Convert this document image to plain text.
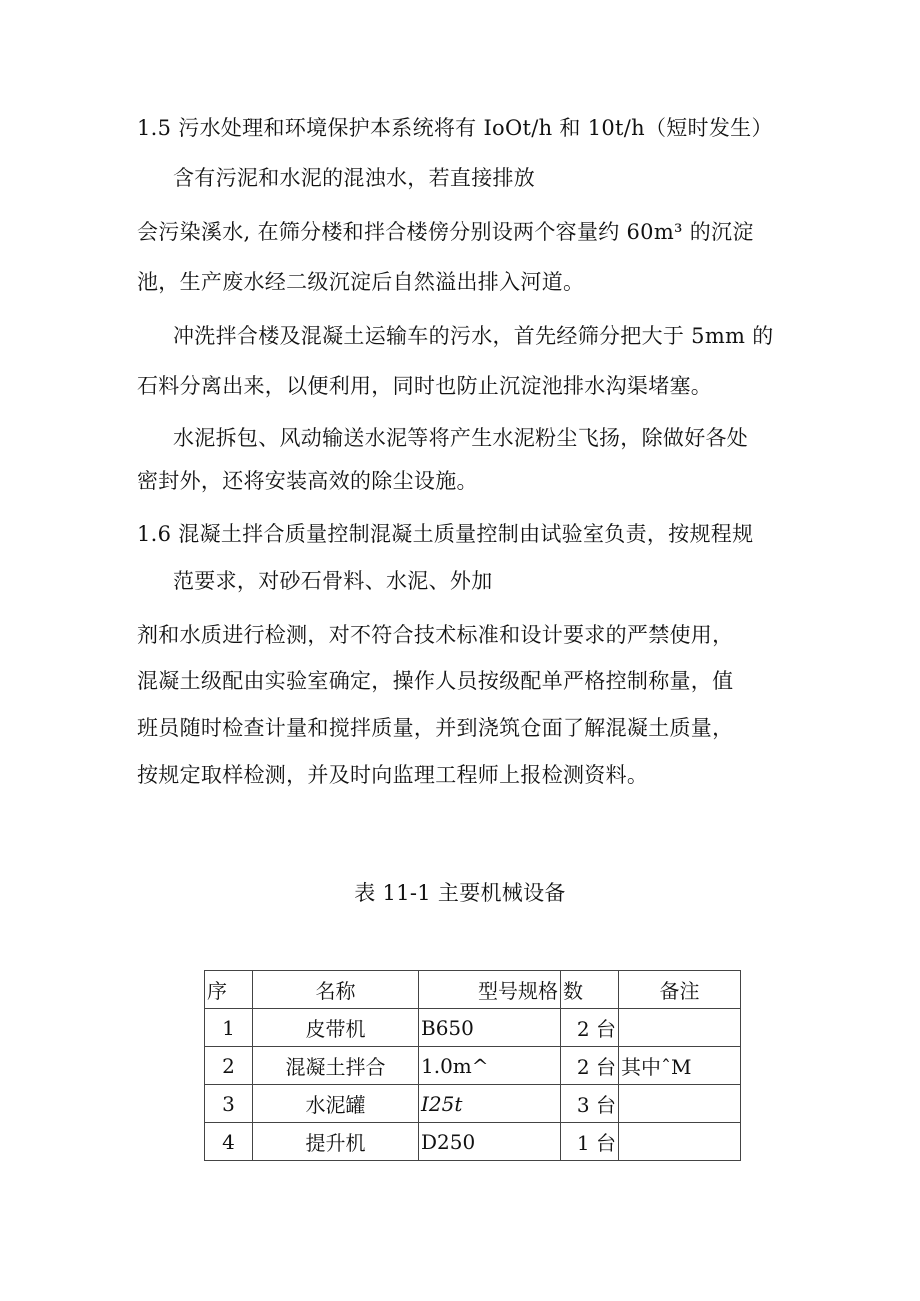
1.5 污水处理和环境保护本系统将有 IoOt/h 和 10t/h（短时发生）
含有污泥和水泥的混浊水，若直接排放
会污染溪水, 在筛分楼和拌合楼傍分别设两个容量约 60m³ 的沉淀
池，生产废水经二级沉淀后自然溢出排入河道。
冲洗拌合楼及混凝土运输车的污水，首先经筛分把大于 5mm 的
石料分离出来，以便利用，同时也防止沉淀池排水沟渠堵塞。
水泥拆包、风动输送水泥等将产生水泥粉尘飞扬，除做好各处
密封外，还将安装高效的除尘设施。
1.6 混凝土拌合质量控制混凝土质量控制由试验室负责，按规程规
范要求，对砂石骨料、水泥、外加
剂和水质进行检测，对不符合技术标准和设计要求的严禁使用，
混凝土级配由实验室确定，操作人员按级配单严格控制称量，值
班员随时检查计量和搅拌质量，并到浇筑仓面了解混凝土质量，
按规定取样检测，并及时向监理工程师上报检测资料。
表 11-1 主要机械设备
序	名称	型号规格	数	备注
1	皮带机	B650	2 台	
2	混凝土拌合	1.0m^	2 台	其中ˆM
3	水泥罐	I25t	3 台	
4	提升机	D250	1 台	
